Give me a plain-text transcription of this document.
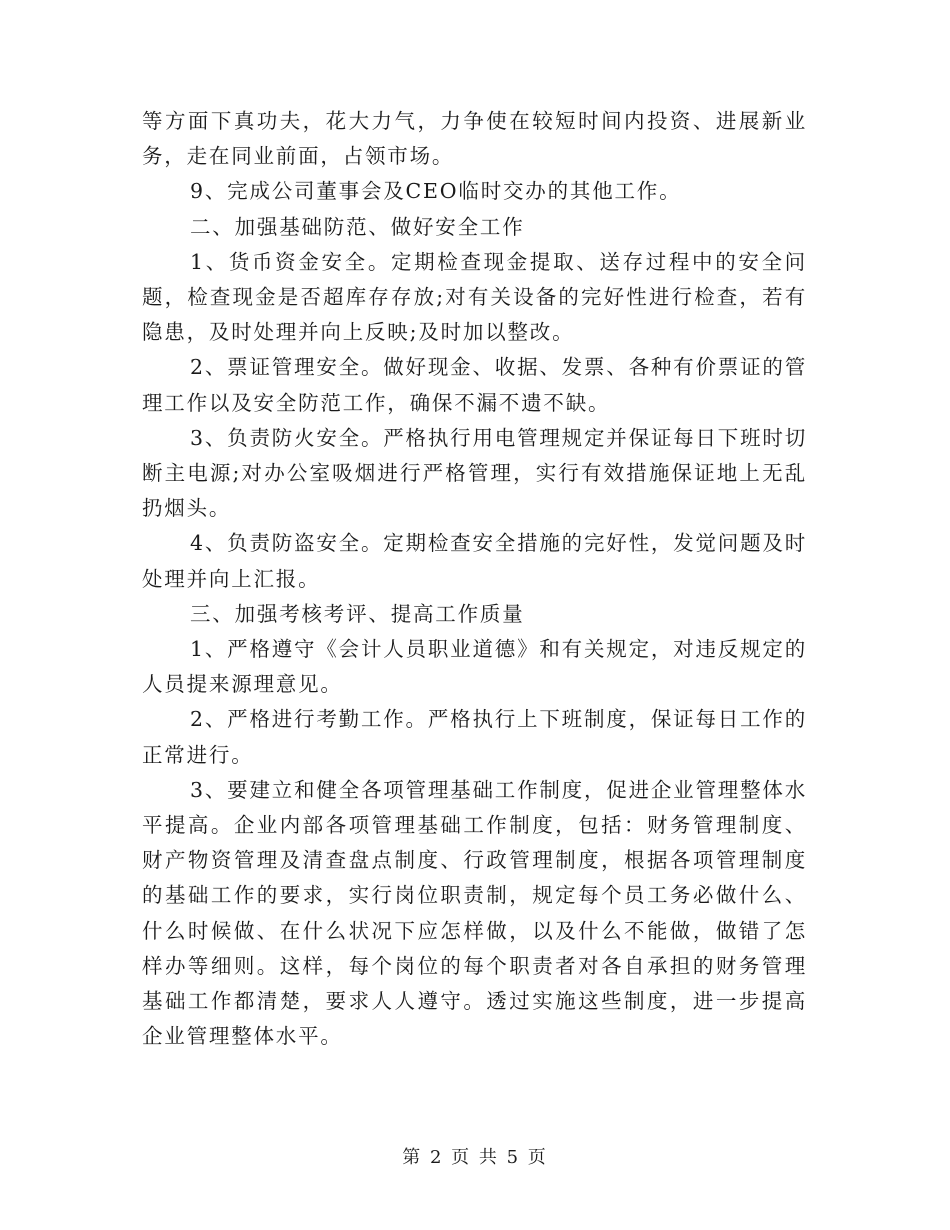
等方面下真功夫，花大力气，力争使在较短时间内投资、进展新业务，走在同业前面，占领市场。

9、完成公司董事会及CEO临时交办的其他工作。

二、加强基础防范、做好安全工作

1、货币资金安全。定期检查现金提取、送存过程中的安全问题，检查现金是否超库存存放;对有关设备的完好性进行检查，若有隐患，及时处理并向上反映;及时加以整改。

2、票证管理安全。做好现金、收据、发票、各种有价票证的管理工作以及安全防范工作，确保不漏不遗不缺。

3、负责防火安全。严格执行用电管理规定并保证每日下班时切断主电源;对办公室吸烟进行严格管理，实行有效措施保证地上无乱扔烟头。

4、负责防盗安全。定期检查安全措施的完好性，发觉问题及时处理并向上汇报。

三、加强考核考评、提高工作质量

1、严格遵守《会计人员职业道德》和有关规定，对违反规定的人员提来源理意见。

2、严格进行考勤工作。严格执行上下班制度，保证每日工作的正常进行。

3、要建立和健全各项管理基础工作制度，促进企业管理整体水平提高。企业内部各项管理基础工作制度，包括：财务管理制度、财产物资管理及清查盘点制度、行政管理制度，根据各项管理制度的基础工作的要求，实行岗位职责制，规定每个员工务必做什么、什么时候做、在什么状况下应怎样做，以及什么不能做，做错了怎样办等细则。这样，每个岗位的每个职责者对各自承担的财务管理基础工作都清楚，要求人人遵守。透过实施这些制度，进一步提高企业管理整体水平。

第 2 页 共 5 页
